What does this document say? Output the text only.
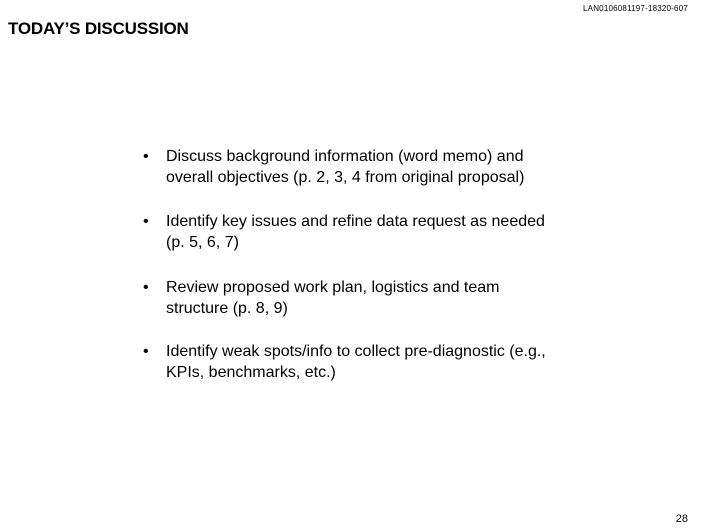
LAN0106081197-18320-607
TODAY’S DISCUSSION
• Discuss background information (word memo) and overall objectives (p. 2, 3, 4 from original proposal)
• Identify key issues and refine data request as needed (p. 5, 6, 7)
• Review proposed work plan, logistics and team structure (p. 8, 9)
• Identify weak spots/info to collect pre-diagnostic (e.g., KPIs, benchmarks, etc.)
28
